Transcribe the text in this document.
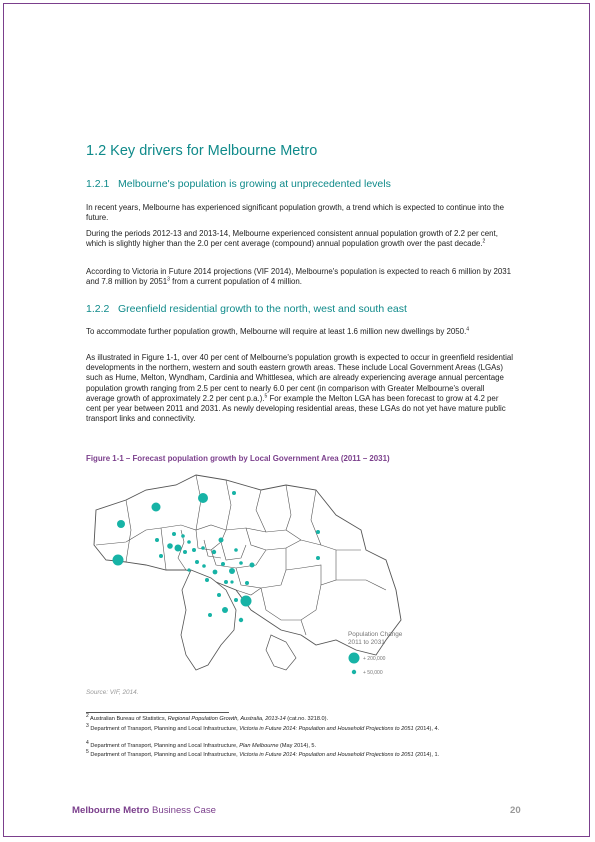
1.2 Key drivers for Melbourne Metro
1.2.1 Melbourne's population is growing at unprecedented levels

In recent years, Melbourne has experienced significant population growth, a trend which is expected to continue into the future.

During the periods 2012-13 and 2013-14, Melbourne experienced consistent annual population growth of 2.2 per cent, which is slightly higher than the 2.0 per cent average (compound) annual population growth over the past decade.$^2$

According to Victoria in Future 2014 projections (VIF 2014), Melbourne's population is expected to reach 6 million by 2031 and 7.8 million by 2051$^3$ from a current population of 4 million.

1.2.2 Greenfield residential growth to the north, west and south east

To accommodate further population growth, Melbourne will require at least 1.6 million new dwellings by 2050.$^4$

As illustrated in Figure 1-1, over 40 per cent of Melbourne's population growth is expected to occur in greenfield residential developments in the northern, western and south eastern growth areas. These include Local Government Areas (LGAs) such as Hume, Melton, Wyndham, Cardinia and Whittlesea, which are already experiencing average annual percentage population growth ranging from 2.5 per cent to nearly 6.0 per cent (in comparison with Greater Melbourne's overall average growth of approximately 2.2 per cent p.a.).$^5$ For example the Melton LGA has been forecast to grow at 4.2 per cent per year between 2011 and 2031. As newly developing residential areas, these LGAs do not yet have mature public transport links and connectivity.

Figure 1-1 – Forecast population growth by Local Government Area (2011 – 2031)
Population Change
2011 to 2031
+ 200,000
+ 50,000
Source: VIF, 2014.
$^2$ Australian Bureau of Statistics, Regional Population Growth, Australia, 2013-14 (cat.no. 3218.0).
$^3$ Department of Transport, Planning and Local Infrastructure, Victoria in Future 2014: Population and Household Projections to 2051 (2014), 4.
$^4$ Department of Transport, Planning and Local Infrastructure, Plan Melbourne (May 2014), 5.
$^5$ Department of Transport, Planning and Local Infrastructure, Victoria in Future 2014: Population and Household Projections to 2051 (2014), 1.
Melbourne Metro Business Case	20
